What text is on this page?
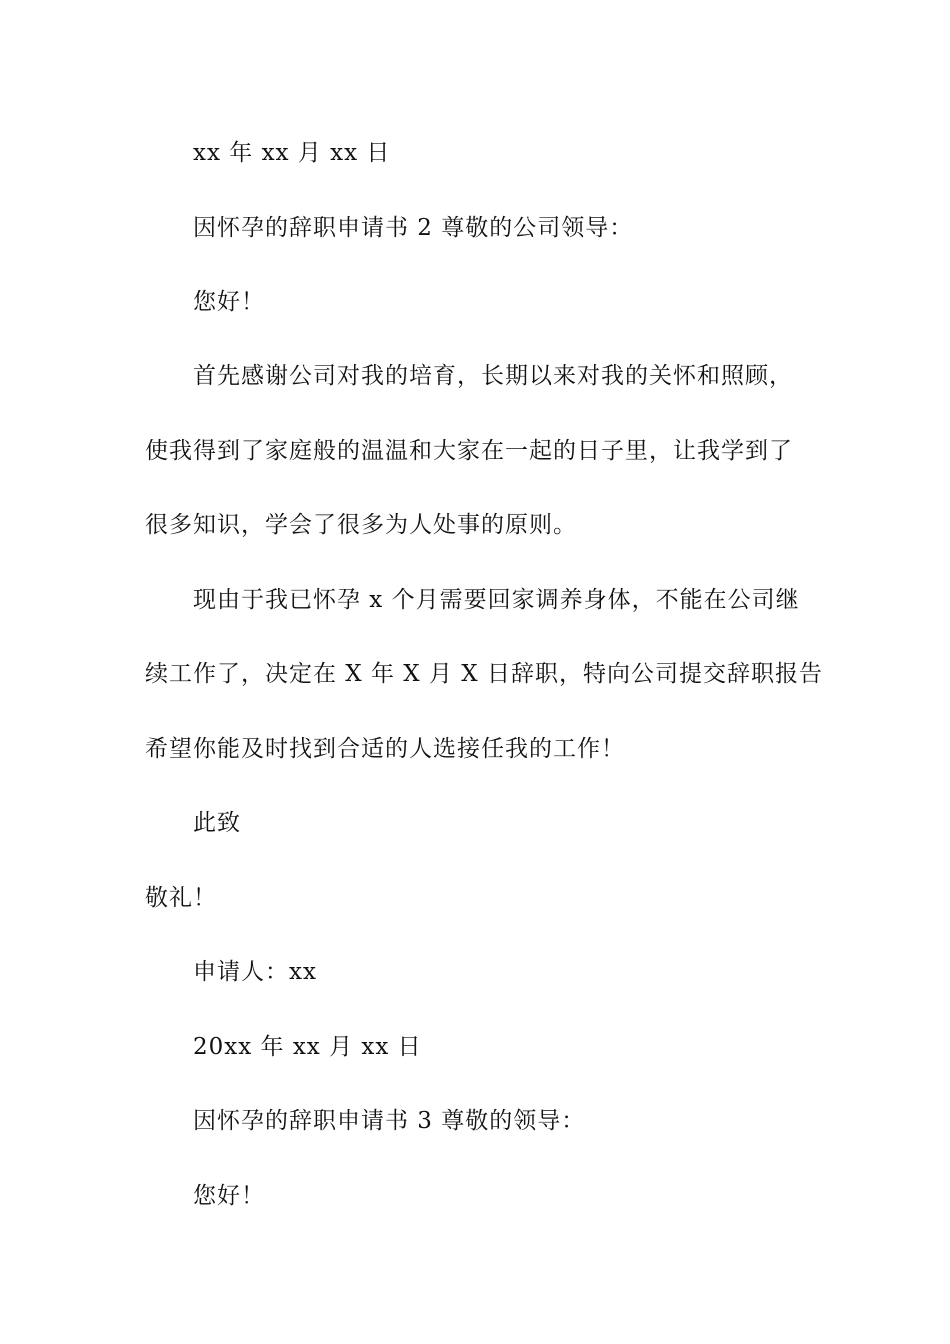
xx 年 xx 月 xx 日
因怀孕的辞职申请书 2 尊敬的公司领导：
您好！
首先感谢公司对我的培育，长期以来对我的关怀和照顾，
使我得到了家庭般的温温和大家在一起的日子里，让我学到了
很多知识，学会了很多为人处事的原则。
现由于我已怀孕 x 个月需要回家调养身体，不能在公司继
续工作了，决定在 X 年 X 月 X 日辞职，特向公司提交辞职报告
希望你能及时找到合适的人选接任我的工作！
此致
敬礼！
申请人：xx
20xx 年 xx 月 xx 日
因怀孕的辞职申请书 3 尊敬的领导：
您好！
